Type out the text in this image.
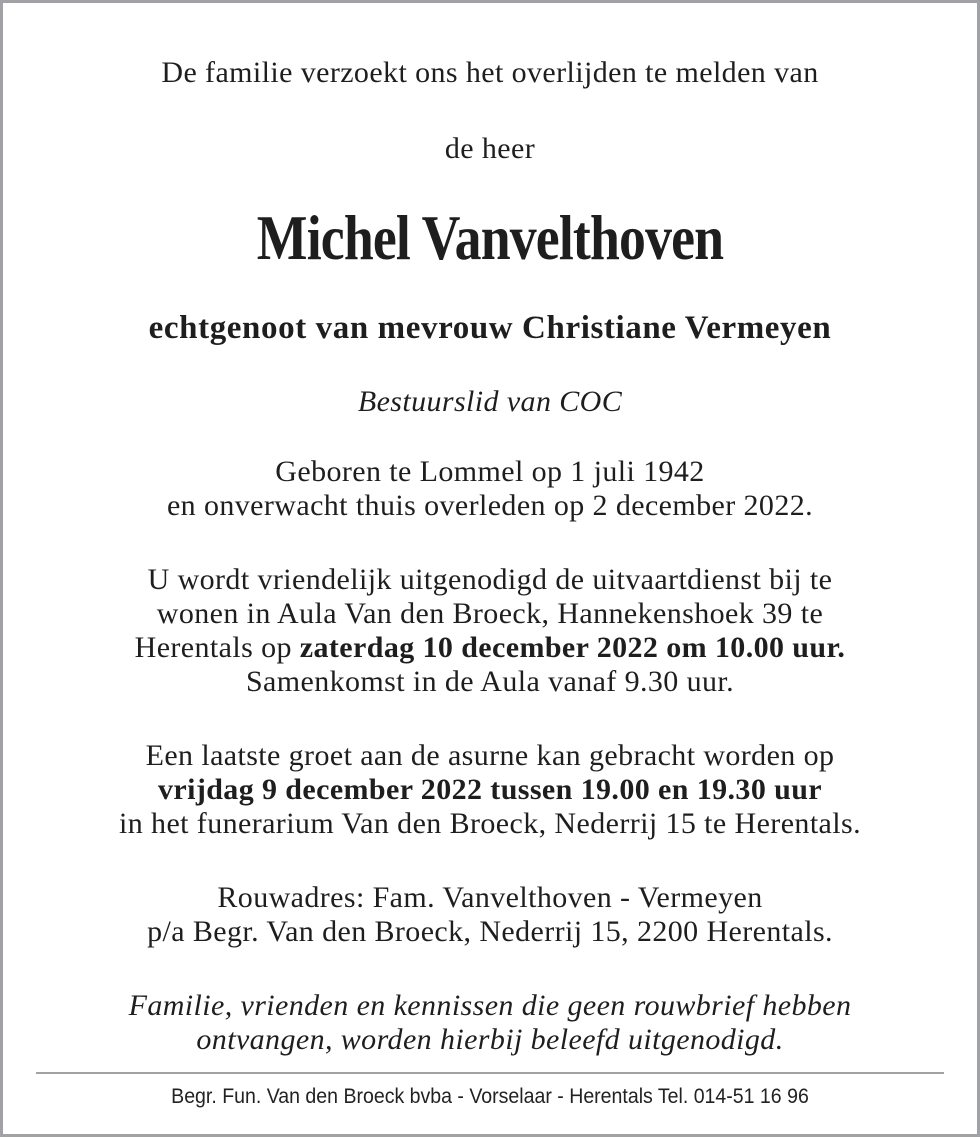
De familie verzoekt ons het overlijden te melden van
de heer
Michel Vanvelthoven
echtgenoot van mevrouw Christiane Vermeyen
Bestuurslid van COC
Geboren te Lommel op 1 juli 1942
en onverwacht thuis overleden op 2 december 2022.
U wordt vriendelijk uitgenodigd de uitvaartdienst bij te
wonen in Aula Van den Broeck, Hannekenshoek 39 te
Herentals op zaterdag 10 december 2022 om 10.00 uur.
Samenkomst in de Aula vanaf 9.30 uur.
Een laatste groet aan de asurne kan gebracht worden op
vrijdag 9 december 2022 tussen 19.00 en 19.30 uur
in het funerarium Van den Broeck, Nederrij 15 te Herentals.
Rouwadres: Fam. Vanvelthoven - Vermeyen
p/a Begr. Van den Broeck, Nederrij 15, 2200 Herentals.
Familie, vrienden en kennissen die geen rouwbrief hebben
ontvangen, worden hierbij beleefd uitgenodigd.
Begr. Fun. Van den Broeck bvba - Vorselaar - Herentals Tel. 014-51 16 96
